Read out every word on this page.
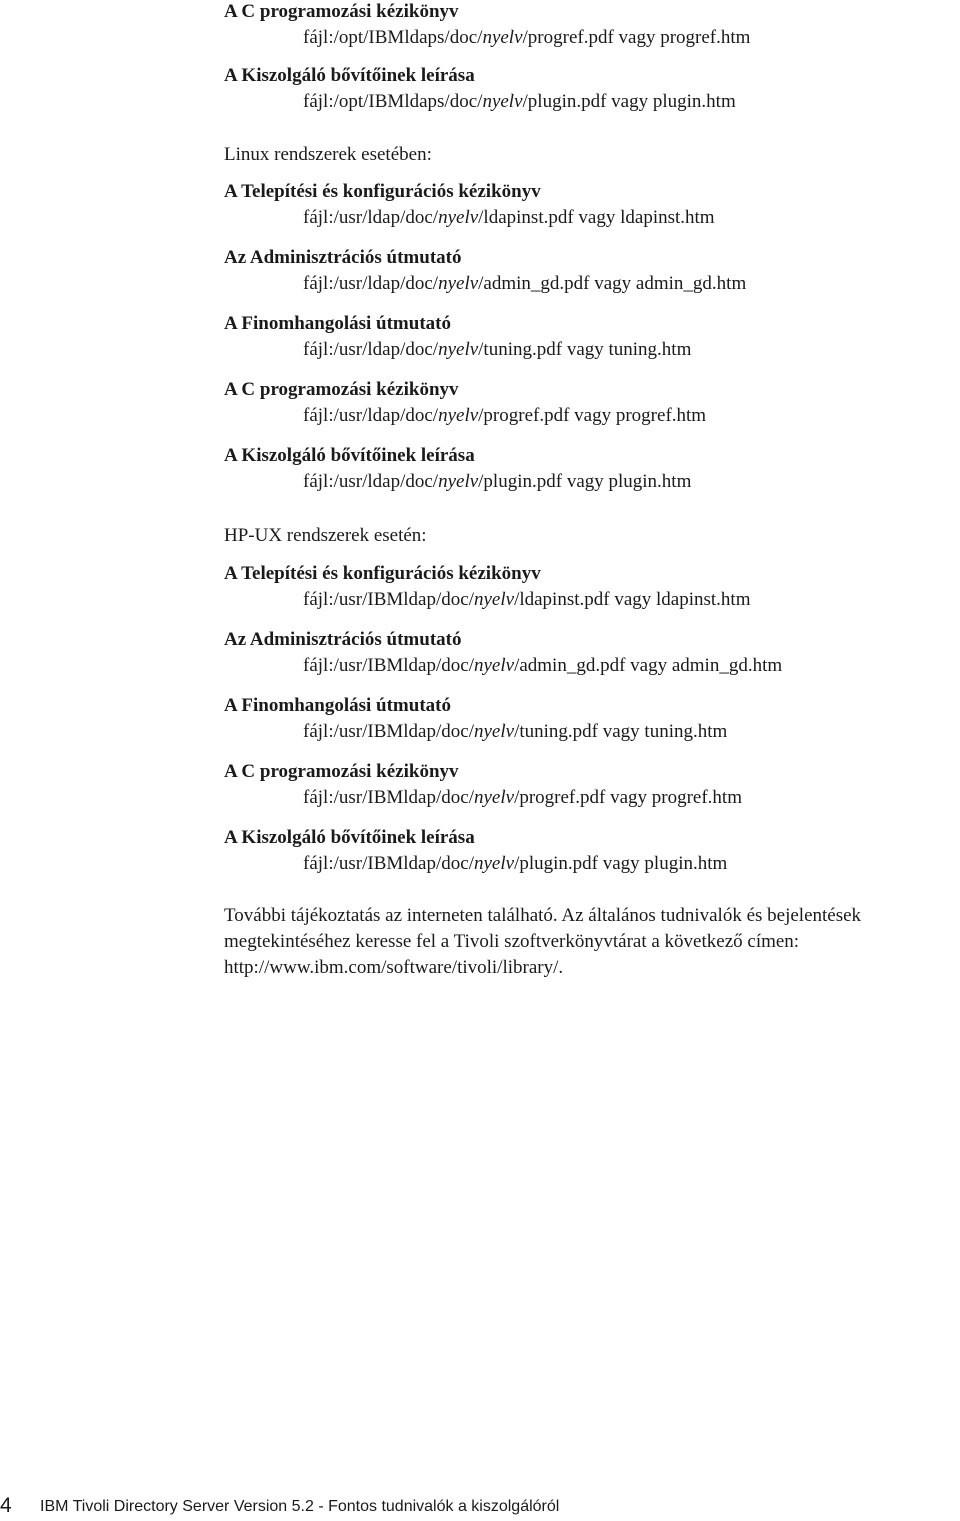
A C programozási kézikönyv
fájl:/opt/IBMldaps/doc/nyelv/progref.pdf vagy progref.htm
A Kiszolgáló bővítőinek leírása
fájl:/opt/IBMldaps/doc/nyelv/plugin.pdf vagy plugin.htm
Linux rendszerek esetében:
A Telepítési és konfigurációs kézikönyv
fájl:/usr/ldap/doc/nyelv/ldapinst.pdf vagy ldapinst.htm
Az Adminisztrációs útmutató
fájl:/usr/ldap/doc/nyelv/admin_gd.pdf vagy admin_gd.htm
A Finomhangolási útmutató
fájl:/usr/ldap/doc/nyelv/tuning.pdf vagy tuning.htm
A C programozási kézikönyv
fájl:/usr/ldap/doc/nyelv/progref.pdf vagy progref.htm
A Kiszolgáló bővítőinek leírása
fájl:/usr/ldap/doc/nyelv/plugin.pdf vagy plugin.htm
HP-UX rendszerek esetén:
A Telepítési és konfigurációs kézikönyv
fájl:/usr/IBMldap/doc/nyelv/ldapinst.pdf vagy ldapinst.htm
Az Adminisztrációs útmutató
fájl:/usr/IBMldap/doc/nyelv/admin_gd.pdf vagy admin_gd.htm
A Finomhangolási útmutató
fájl:/usr/IBMldap/doc/nyelv/tuning.pdf vagy tuning.htm
A C programozási kézikönyv
fájl:/usr/IBMldap/doc/nyelv/progref.pdf vagy progref.htm
A Kiszolgáló bővítőinek leírása
fájl:/usr/IBMldap/doc/nyelv/plugin.pdf vagy plugin.htm
További tájékoztatás az interneten található. Az általános tudnivalók és bejelentések
megtekintéséhez keresse fel a Tivoli szoftverkönyvtárat a következő címen:
http://www.ibm.com/software/tivoli/library/.
4 IBM Tivoli Directory Server Version 5.2 - Fontos tudnivalók a kiszolgálóról
